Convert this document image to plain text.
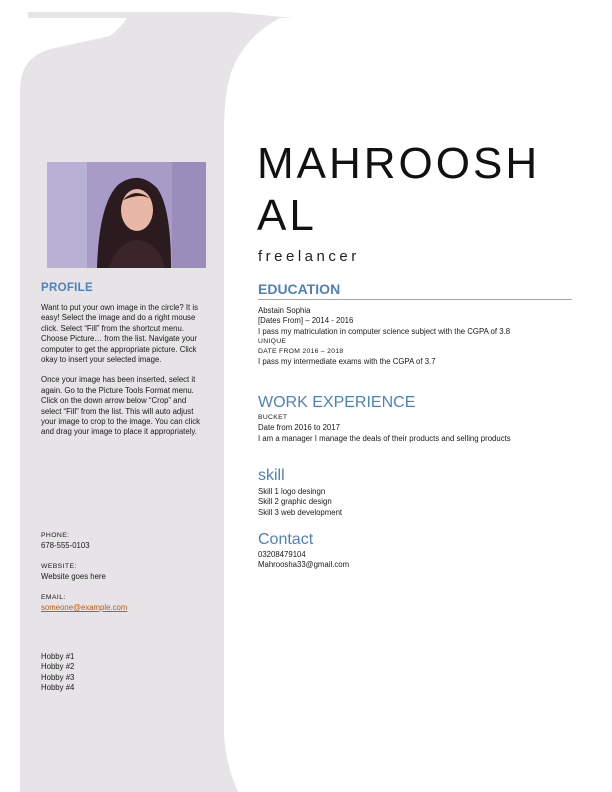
PROFILE

Want to put your own image in the circle? It is easy! Select the image and do a right mouse click. Select “Fill” from the shortcut menu. Choose Picture… from the list. Navigate your computer to get the appropriate picture. Click okay to insert your selected image.

Once your image has been inserted, select it again. Go to the Picture Tools Format menu. Click on the down arrow below “Crop” and select “Fill” from the list. This will auto adjust your image to crop to the image. You can click and drag your image to place it appropriately.

PHONE:
678-555-0103
WEBSITE:
Website goes here
EMAIL:
someone@example.com
Hobby #1
Hobby #2
Hobby #3
Hobby #4
MAHROOSH
AL
freelancer
EDUCATION
Abstain Sophia
[Dates From] – 2014 - 2016
I pass my matriculation in computer science subject with the CGPA of 3.8
UNIQUE
DATE FROM 2016 – 2018
I pass my intermediate exams with the CGPA of 3.7
WORK EXPERIENCE
BUCKET
Date from 2016 to 2017
I am a manager I manage the deals of their products and selling products
skill
Skill 1 logo desingn
Skill 2 graphic design
Skill 3 web development
Contact
03208479104
Mahroosha33@gmail.com
